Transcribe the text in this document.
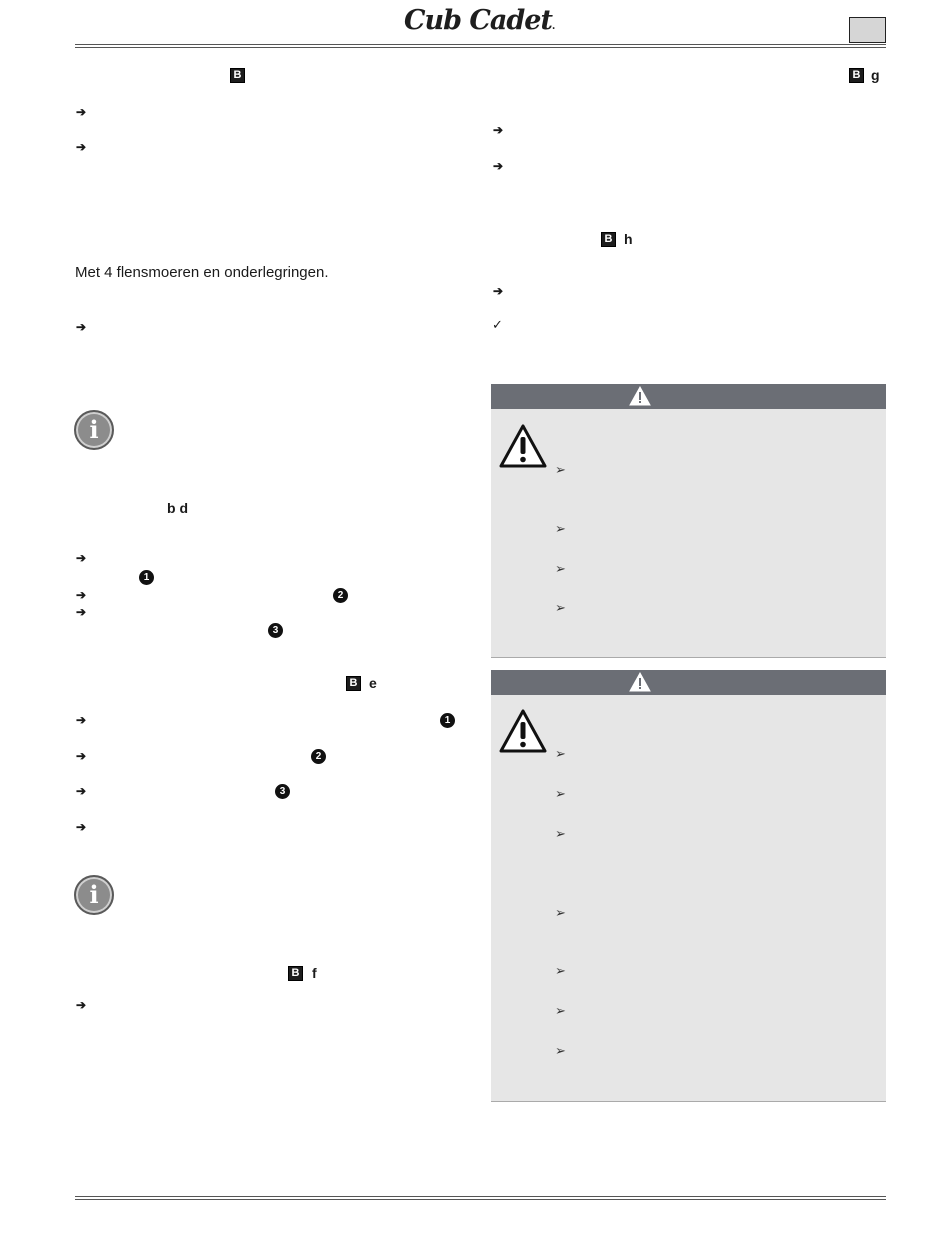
Cub Cadet.
B
➔
➔
Met 4 flensmoeren en onderlegringen.
➔
i
b d
➔
1
➔	2
➔
3
B e
➔	1
➔	2
➔	3
➔
i
B f
➔
B g
➔
➔
B h
➔
✓
➢
➢
➢
➢
➢
➢
➢
➢
➢
➢
➢
